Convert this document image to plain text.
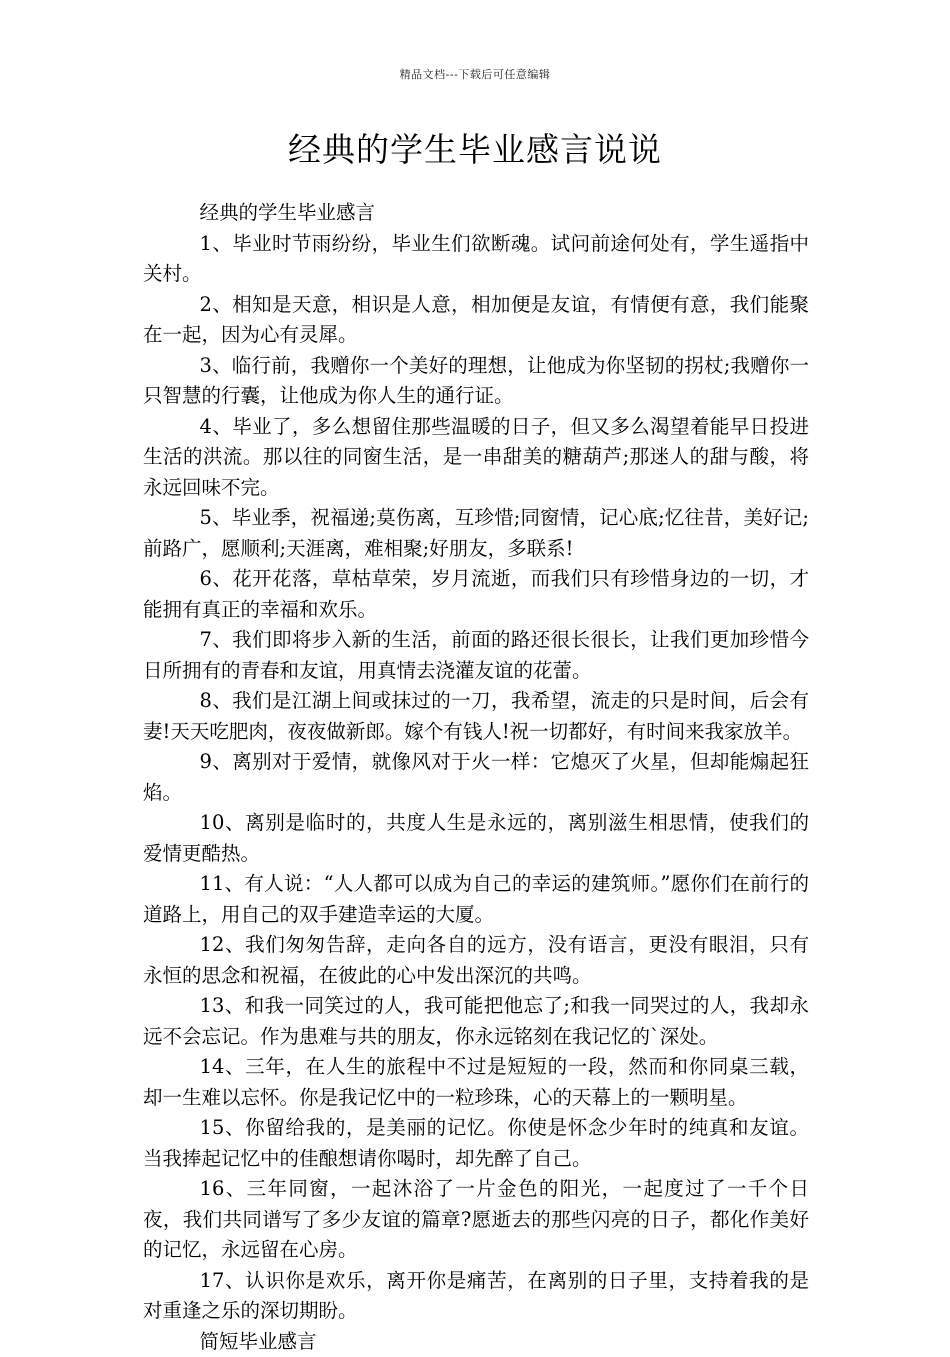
精品文档---下载后可任意编辑
经典的学生毕业感言说说

经典的学生毕业感言

1、毕业时节雨纷纷，毕业生们欲断魂。试问前途何处有，学生遥指中关村。

2、相知是天意，相识是人意，相加便是友谊，有情便有意，我们能聚在一起，因为心有灵犀。

3、临行前，我赠你一个美好的理想，让他成为你坚韧的拐杖;我赠你一只智慧的行囊，让他成为你人生的通行证。

4、毕业了，多么想留住那些温暖的日子，但又多么渴望着能早日投进生活的洪流。那以往的同窗生活，是一串甜美的糖葫芦;那迷人的甜与酸，将永远回味不完。

5、毕业季，祝福递;莫伤离，互珍惜;同窗情，记心底;忆往昔，美好记;前路广，愿顺利;天涯离，难相聚;好朋友，多联系!

6、花开花落，草枯草荣，岁月流逝，而我们只有珍惜身边的一切，才能拥有真正的幸福和欢乐。

7、我们即将步入新的生活，前面的路还很长很长，让我们更加珍惜今日所拥有的青春和友谊，用真情去浇灌友谊的花蕾。

8、我们是江湖上间或抹过的一刀，我希望，流走的只是时间，后会有妻!天天吃肥肉，夜夜做新郎。嫁个有钱人!祝一切都好，有时间来我家放羊。

9、离别对于爱情，就像风对于火一样：它熄灭了火星，但却能煽起狂焰。

10、离别是临时的，共度人生是永远的，离别滋生相思情，使我们的爱情更酷热。

11、有人说：“人人都可以成为自己的幸运的建筑师。”愿你们在前行的道路上，用自己的双手建造幸运的大厦。

12、我们匆匆告辞，走向各自的远方，没有语言，更没有眼泪，只有永恒的思念和祝福，在彼此的心中发出深沉的共鸣。

13、和我一同笑过的人，我可能把他忘了;和我一同哭过的人，我却永远不会忘记。作为患难与共的朋友，你永远铭刻在我记忆的`深处。

14、三年，在人生的旅程中不过是短短的一段，然而和你同桌三载，却一生难以忘怀。你是我记忆中的一粒珍珠，心的天幕上的一颗明星。

15、你留给我的，是美丽的记忆。你使是怀念少年时的纯真和友谊。当我捧起记忆中的佳酿想请你喝时，却先醉了自己。

16、三年同窗，一起沐浴了一片金色的阳光，一起度过了一千个日夜，我们共同谱写了多少友谊的篇章?愿逝去的那些闪亮的日子，都化作美好的记忆，永远留在心房。

17、认识你是欢乐，离开你是痛苦，在离别的日子里，支持着我的是对重逢之乐的深切期盼。

简短毕业感言
